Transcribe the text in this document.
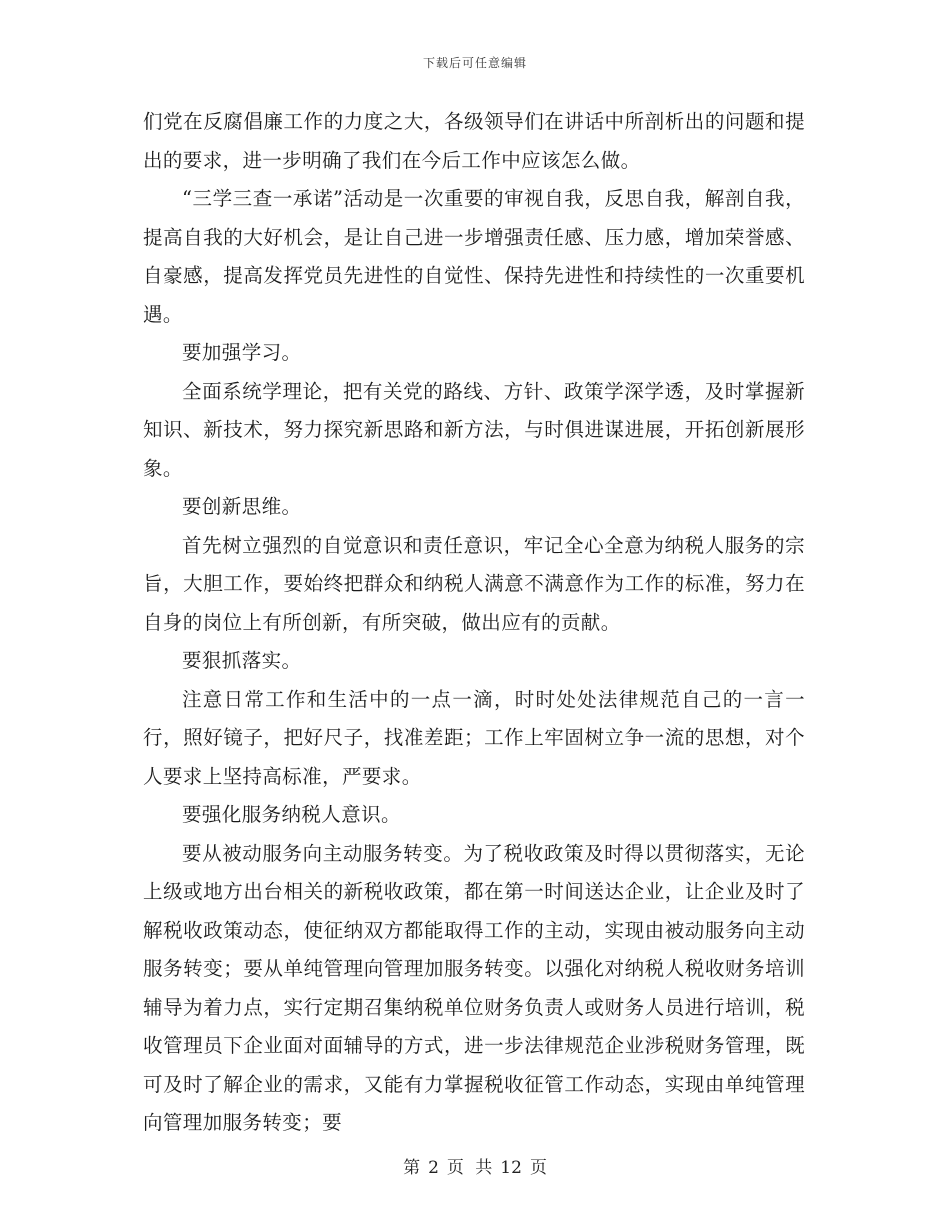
下载后可任意编辑

们党在反腐倡廉工作的力度之大，各级领导们在讲话中所剖析出的问题和提出的要求，进一步明确了我们在今后工作中应该怎么做。

“三学三查一承诺”活动是一次重要的审视自我，反思自我，解剖自我，提高自我的大好机会，是让自己进一步增强责任感、压力感，增加荣誉感、自豪感，提高发挥党员先进性的自觉性、保持先进性和持续性的一次重要机遇。

要加强学习。

全面系统学理论，把有关党的路线、方针、政策学深学透，及时掌握新知识、新技术，努力探究新思路和新方法，与时俱进谋进展，开拓创新展形象。

要创新思维。

首先树立强烈的自觉意识和责任意识，牢记全心全意为纳税人服务的宗旨，大胆工作，要始终把群众和纳税人满意不满意作为工作的标准，努力在自身的岗位上有所创新，有所突破，做出应有的贡献。

要狠抓落实。

注意日常工作和生活中的一点一滴，时时处处法律规范自己的一言一行，照好镜子，把好尺子，找准差距；工作上牢固树立争一流的思想，对个人要求上坚持高标准，严要求。

要强化服务纳税人意识。

要从被动服务向主动服务转变。为了税收政策及时得以贯彻落实，无论上级或地方出台相关的新税收政策，都在第一时间送达企业，让企业及时了解税收政策动态，使征纳双方都能取得工作的主动，实现由被动服务向主动服务转变；要从单纯管理向管理加服务转变。以强化对纳税人税收财务培训辅导为着力点，实行定期召集纳税单位财务负责人或财务人员进行培训，税收管理员下企业面对面辅导的方式，进一步法律规范企业涉税财务管理，既可及时了解企业的需求，又能有力掌握税收征管工作动态，实现由单纯管理向管理加服务转变；要

第 2 页 共 12 页
